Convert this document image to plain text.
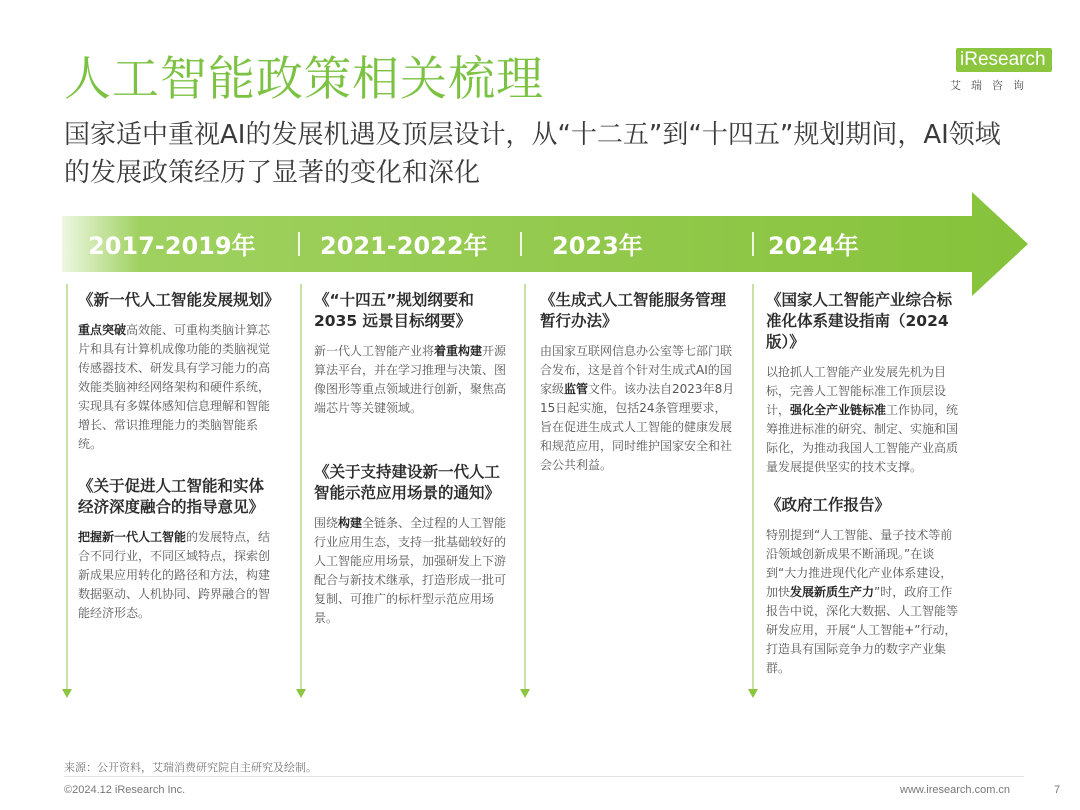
人工智能政策相关梳理	iResearch
艾瑞咨询
国家适中重视AI的发展机遇及顶层设计，从“十二五”到“十四五”规划期间，AI领域的发展政策经历了显著的变化和深化
2017-2019年	2021-2022年	2023年	2024年
《新一代人工智能发展规划》
重点突破高效能、可重构类脑计算芯片和具有计算机成像功能的类脑视觉传感器技术、研发具有学习能力的高效能类脑神经网络架构和硬件系统，实现具有多媒体感知信息理解和智能增长、常识推理能力的类脑智能系统。
《关于促进人工智能和实体经济深度融合的指导意见》
把握新一代人工智能的发展特点，结合不同行业，不同区域特点，探索创新成果应用转化的路径和方法，构建数据驱动、人机协同、跨界融合的智能经济形态。
《“十四五”规划纲要和2035 远景目标纲要》
新一代人工智能产业将着重构建开源算法平台，并在学习推理与决策、图像图形等重点领域进行创新，聚焦高端芯片等关键领域。
《关于支持建设新一代人工智能示范应用场景的通知》
围绕构建全链条、全过程的人工智能行业应用生态，支持一批基础较好的人工智能应用场景，加强研发上下游配合与新技术继承，打造形成一批可复制、可推广的标杆型示范应用场景。
《生成式人工智能服务管理暂行办法》
由国家互联网信息办公室等七部门联合发布，这是首个针对生成式AI的国家级监管文件。该办法自2023年8月15日起实施，包括24条管理要求，旨在促进生成式人工智能的健康发展和规范应用，同时维护国家安全和社会公共利益。
《国家人工智能产业综合标准化体系建设指南（2024版）》
以抢抓人工智能产业发展先机为目标，完善人工智能标准工作顶层设计，强化全产业链标准工作协同，统筹推进标准的研究、制定、实施和国际化，为推动我国人工智能产业高质量发展提供坚实的技术支撑。
《政府工作报告》
特别提到“人工智能、量子技术等前沿领域创新成果不断涌现。”在谈到“大力推进现代化产业体系建设，加快发展新质生产力”时，政府工作报告中说，深化大数据、人工智能等研发应用，开展“人工智能+”行动，打造具有国际竞争力的数字产业集群。
来源：公开资料，艾瑞消费研究院自主研究及绘制。
©2024.12 iResearch Inc.	www.iresearch.com.cn	7
